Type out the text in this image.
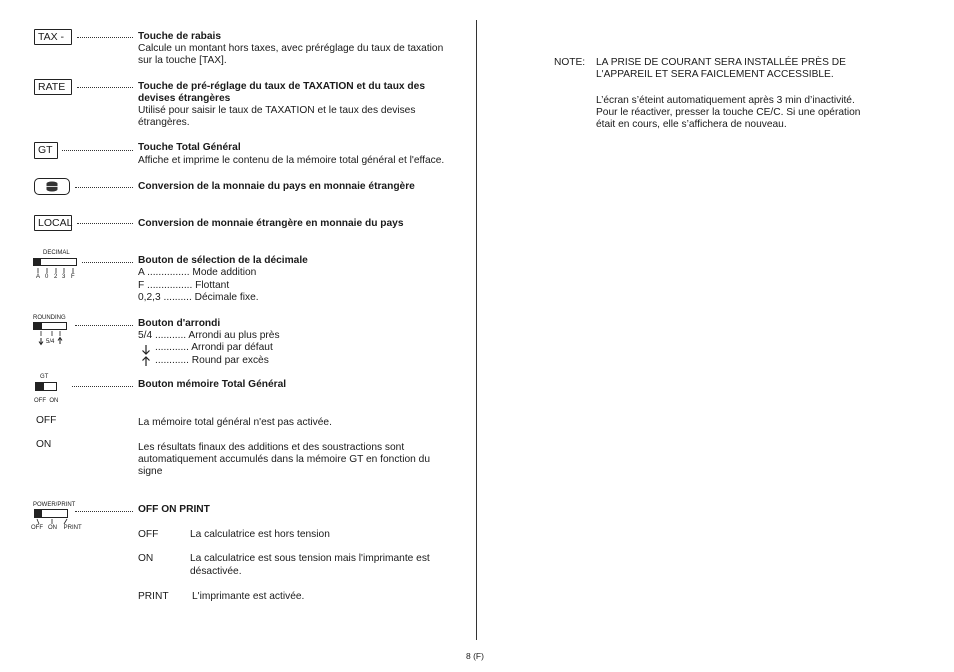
TAX -	Touche de rabais
Calcule un montant hors taxes, avec préréglage du taux de taxation
sur la touche [TAX].
RATE	Touche de pré-réglage du taux de TAXATION et du taux des
devises étrangères
Utilisé pour saisir le taux de TAXATION et le taux des devises
étrangères.
GT	Touche Total Général
Affiche et imprime le contenu de la mémoire total général et l'efface.
Conversion de la monnaie du pays en monnaie étrangère
LOCAL	Conversion de monnaie étrangère en monnaie du pays
DECIMAL
A 0 2 3 F
Bouton de sélection de la décimale
A ............... Mode addition
F ................ Flottant
0,2,3 .......... Décimale fixe.
ROUNDING
5/4
Bouton d'arrondi
5/4 ........... Arrondi au plus près
............ Arrondi par défaut
............ Round par excès
GT
OFF  ON
Bouton mémoire Total Général
OFF	La mémoire total général n'est pas activée.
ON	Les résultats finaux des additions et des soustractions sont
automatiquement accumulés dans la mémoire GT en fonction du
signe
POWER/PRINT
OFF   ON    PRINT
OFF ON PRINT
OFF	La calculatrice est hors tension
ON	La calculatrice est sous tension mais l'imprimante est
désactivée.
PRINT L'imprimante est activée.
8 (F)
NOTE: LA PRISE DE COURANT SERA INSTALLÉE PRÈS DE
L'APPAREIL ET SERA FAICLEMENT ACCESSIBLE.
L’écran s’éteint automatiquement après 3 min d’inactivité.
Pour le réactiver, presser la touche CE/C. Si une opération
était en cours, elle s’affichera de nouveau.
